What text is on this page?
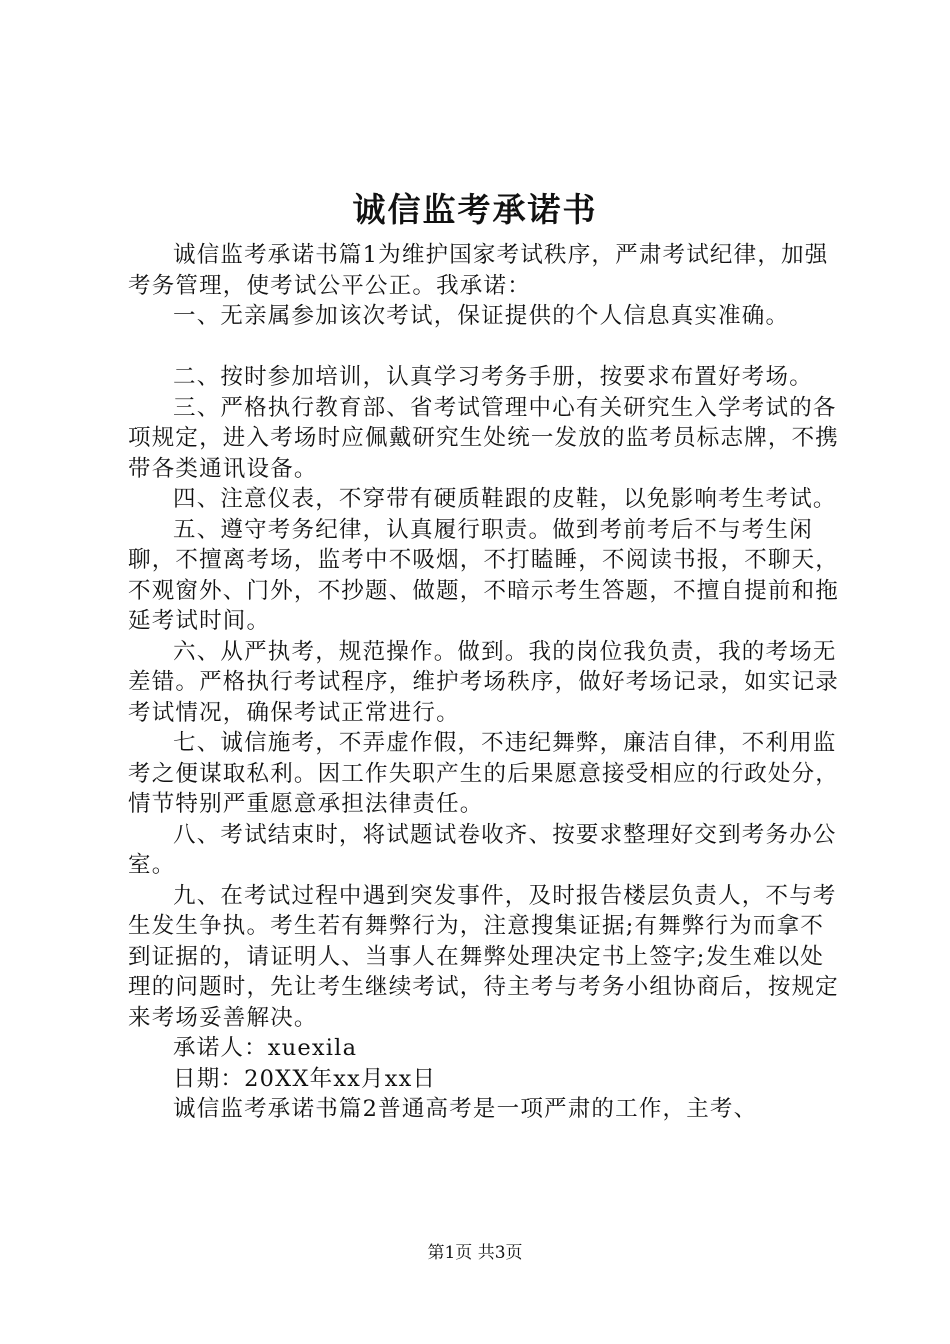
诚信监考承诺书

诚信监考承诺书篇1为维护国家考试秩序，严肃考试纪律，加强考务管理，使考试公平公正。我承诺：

一、无亲属参加该次考试，保证提供的个人信息真实准确。

二、按时参加培训，认真学习考务手册，按要求布置好考场。

三、严格执行教育部、省考试管理中心有关研究生入学考试的各项规定，进入考场时应佩戴研究生处统一发放的监考员标志牌，不携带各类通讯设备。

四、注意仪表，不穿带有硬质鞋跟的皮鞋，以免影响考生考试。

五、遵守考务纪律，认真履行职责。做到考前考后不与考生闲聊，不擅离考场，监考中不吸烟，不打瞌睡，不阅读书报，不聊天，不观窗外、门外，不抄题、做题，不暗示考生答题，不擅自提前和拖延考试时间。

六、从严执考，规范操作。做到。我的岗位我负责，我的考场无差错。严格执行考试程序，维护考场秩序，做好考场记录，如实记录考试情况，确保考试正常进行。

七、诚信施考，不弄虚作假，不违纪舞弊，廉洁自律，不利用监考之便谋取私利。因工作失职产生的后果愿意接受相应的行政处分，情节特别严重愿意承担法律责任。

八、考试结束时，将试题试卷收齐、按要求整理好交到考务办公室。

九、在考试过程中遇到突发事件，及时报告楼层负责人，不与考生发生争执。考生若有舞弊行为，注意搜集证据;有舞弊行为而拿不到证据的，请证明人、当事人在舞弊处理决定书上签字;发生难以处理的问题时，先让考生继续考试，待主考与考务小组协商后，按规定来考场妥善解决。

承诺人：xuexila

日期：20XX年xx月xx日

诚信监考承诺书篇2普通高考是一项严肃的工作，主考、

第1页 共3页
